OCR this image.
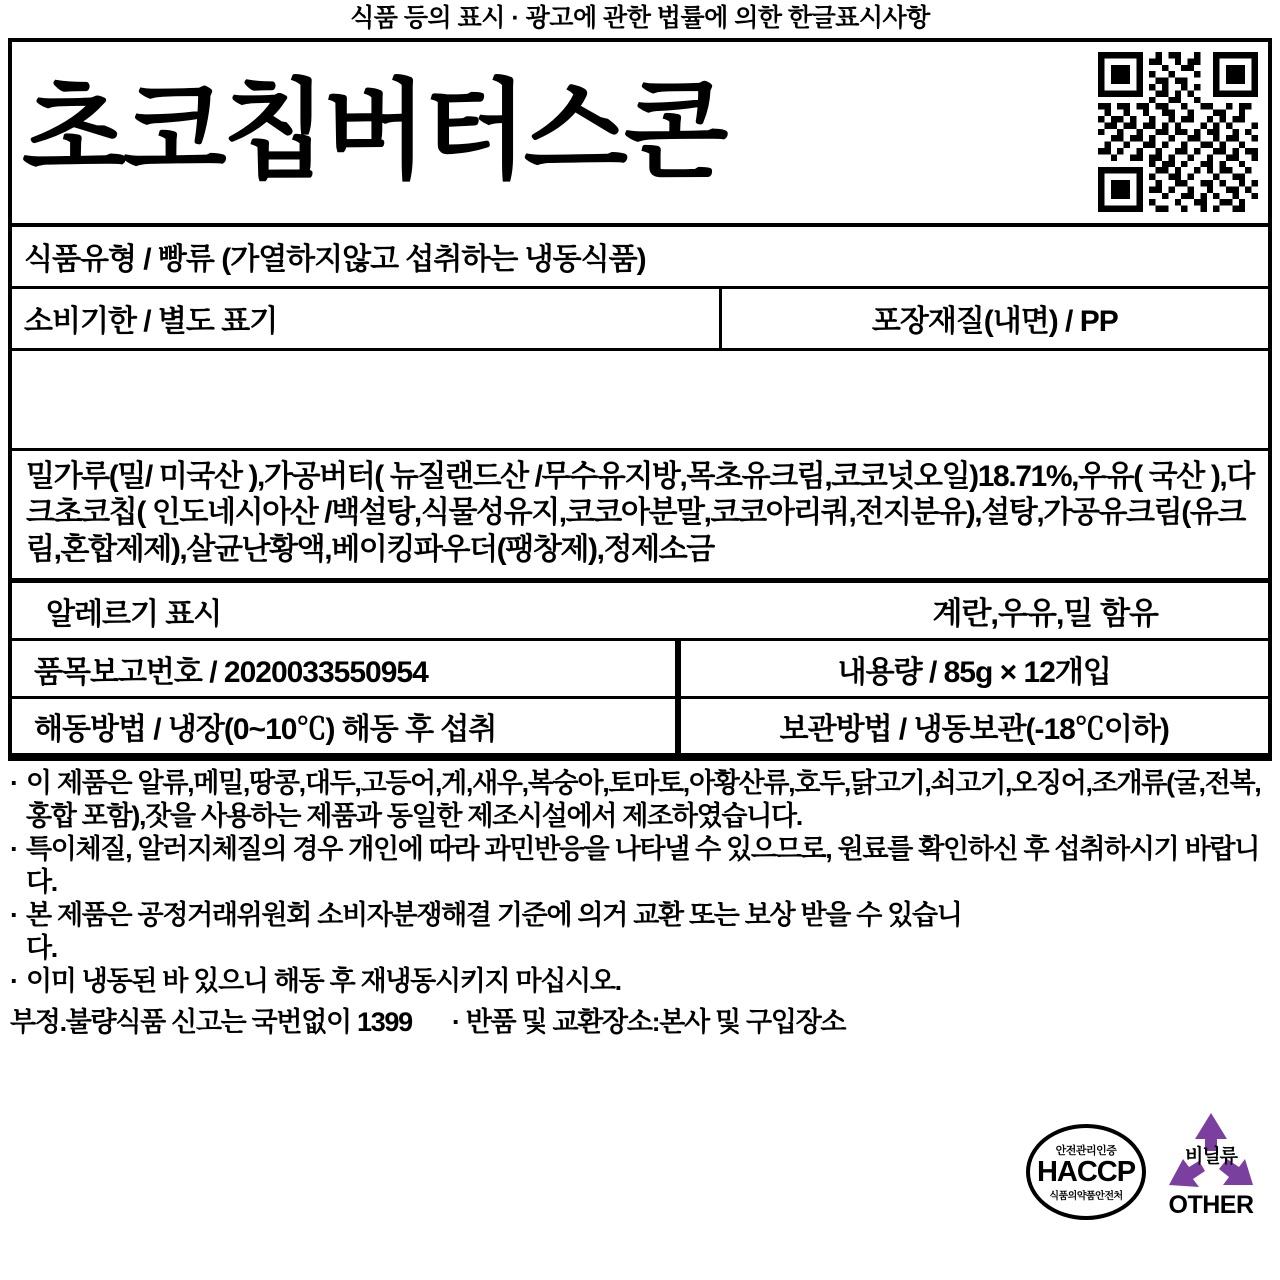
식품 등의 표시 · 광고에 관한 법률에 의한 한글표시사항
초코칩버터스콘
식품유형 / 빵류 (가열하지않고 섭취하는 냉동식품)
소비기한 / 별도 표기	포장재질(내면) / PP
밀가루(밀/ 미국산 ),가공버터( 뉴질랜드산 /무수유지방,목초유크림,코코넛오일)18.71%,우유( 국산 ),다크초코칩( 인도네시아산 /백설탕,식물성유지,코코아분말,코코아리쿼,전지분유),설탕,가공유크림(유크림,혼합제제),살균난황액,베이킹파우더(팽창제),정제소금
알레르기 표시	계란,우유,밀 함유
품목보고번호 / 2020033550954	내용량 / 85g × 12개입
해동방법 / 냉장(0~10℃) 해동 후 섭취	보관방법 / 냉동보관(-18℃이하)
· 이 제품은 알류,메밀,땅콩,대두,고등어,게,새우,복숭아,토마토,아황산류,호두,닭고기,쇠고기,오징어,조개류(굴,전복,홍합 포함),잣을 사용하는 제품과 동일한 제조시설에서 제조하였습니다.
· 특이체질, 알러지체질의 경우 개인에 따라 과민반응을 나타낼 수 있으므로, 원료를 확인하신 후 섭취하시기 바랍니다.
· 본 제품은 공정거래위원회 소비자분쟁해결 기준에 의거 교환 또는 보상 받을 수 있습니다.
· 이미 냉동된 바 있으니 해동 후 재냉동시키지 마십시오.
부정.불량식품 신고는 국번없이 1399 · 반품 및 교환장소:본사 및 구입장소
안전관리인증
HACCP
식품의약품안전처
비닐류
OTHER
